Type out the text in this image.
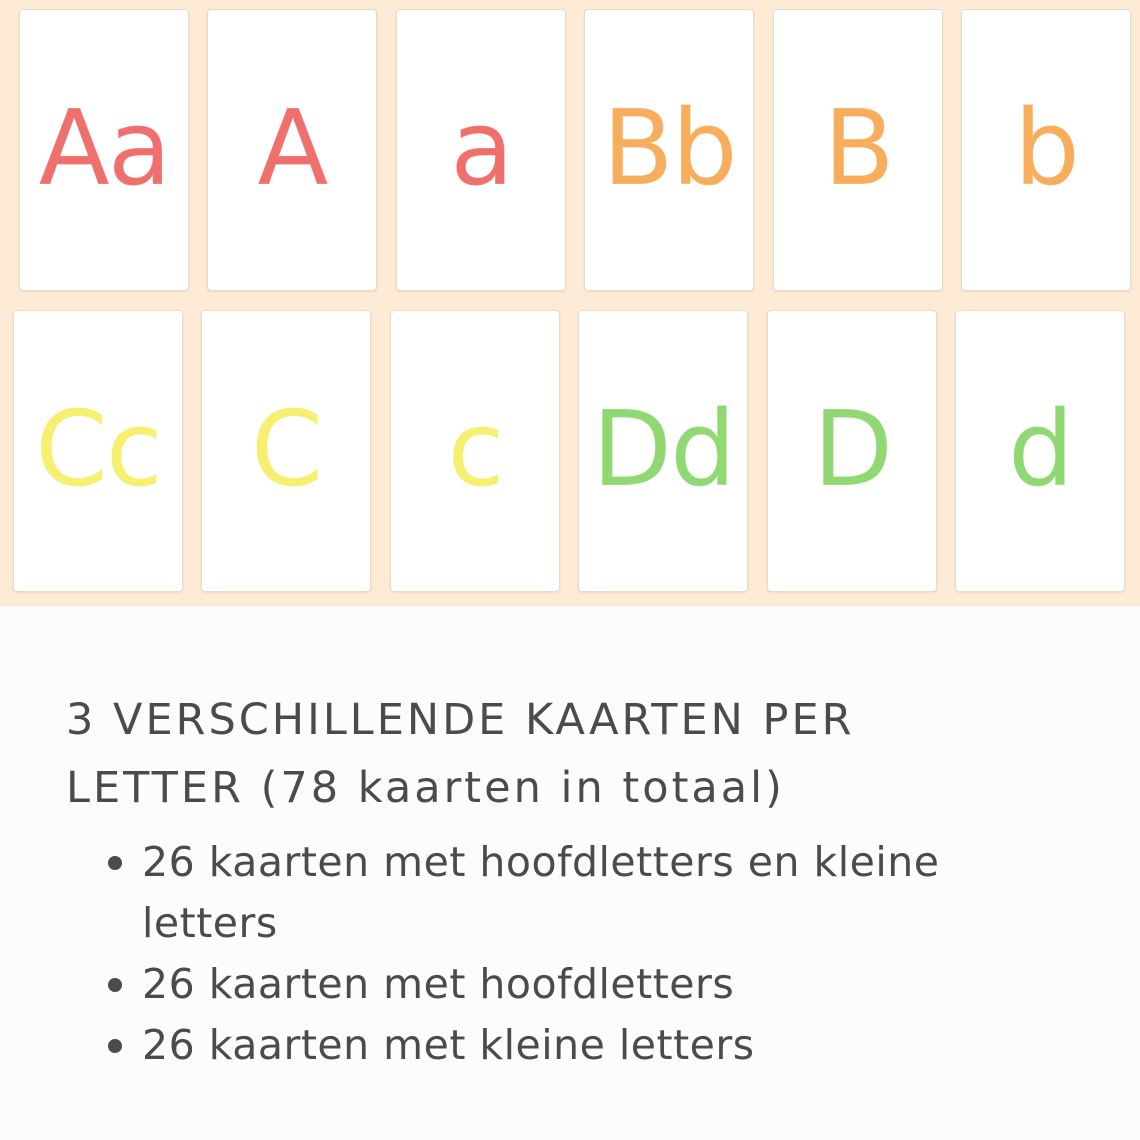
Aa A a Bb B b
Cc C c Dd D d
3 VERSCHILLENDE KAARTEN PER LETTER (78 kaarten in totaal)
26 kaarten met hoofdletters en kleine letters
26 kaarten met hoofdletters
26 kaarten met kleine letters
